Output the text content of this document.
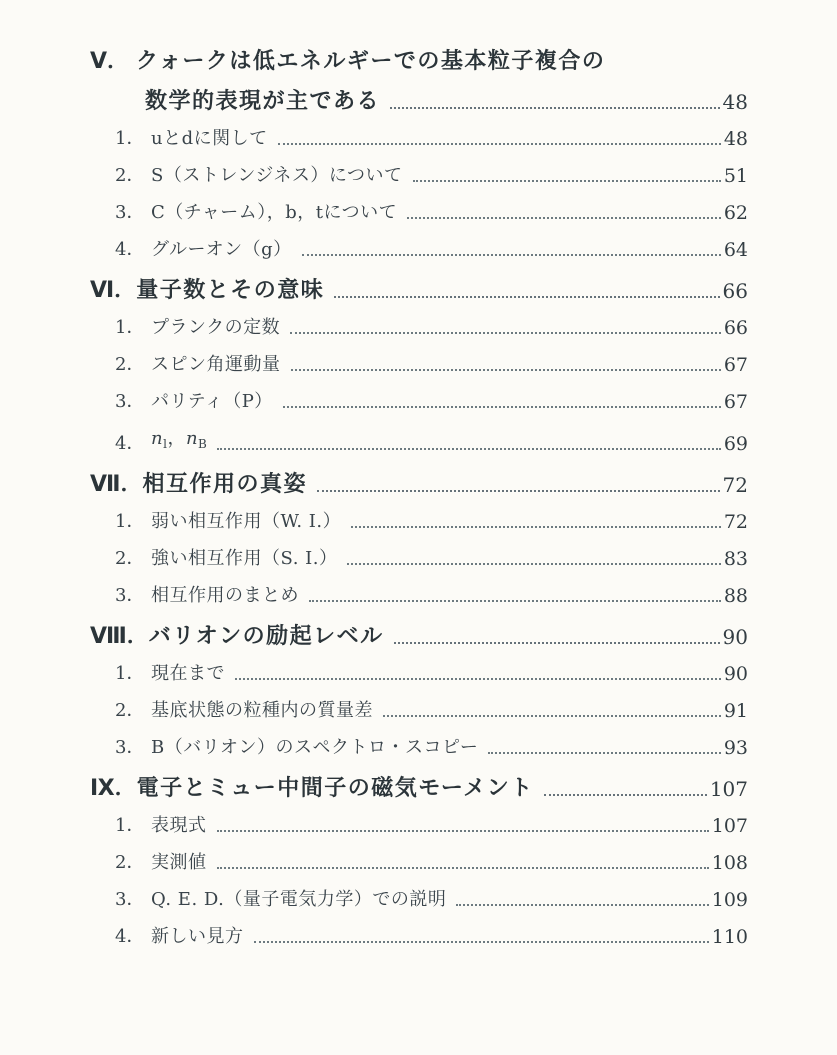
Ⅴ． クォークは低エネルギーでの基本粒子複合の
数学的表現が主である	48
1． uとdに関して	48
2． S（ストレンジネス）について	51
3． C（チャーム），b，tについて	62
4． グルーオン（g）	64
Ⅵ． 量子数とその意味	66
1． プランクの定数	66
2． スピン角運動量	67
3． パリティ（P）	67
4． $n_l$，$n_B$	69
Ⅶ． 相互作用の真姿	72
1． 弱い相互作用（W. I.）	72
2． 強い相互作用（S. I.）	83
3． 相互作用のまとめ	88
Ⅷ． バリオンの励起レベル	90
1． 現在まで	90
2． 基底状態の粒種内の質量差	91
3． B（バリオン）のスペクトロ・スコピー	93
Ⅸ． 電子とミュー中間子の磁気モーメント	107
1． 表現式	107
2． 実測値	108
3． Q. E. D.（量子電気力学）での説明	109
4． 新しい見方	110
